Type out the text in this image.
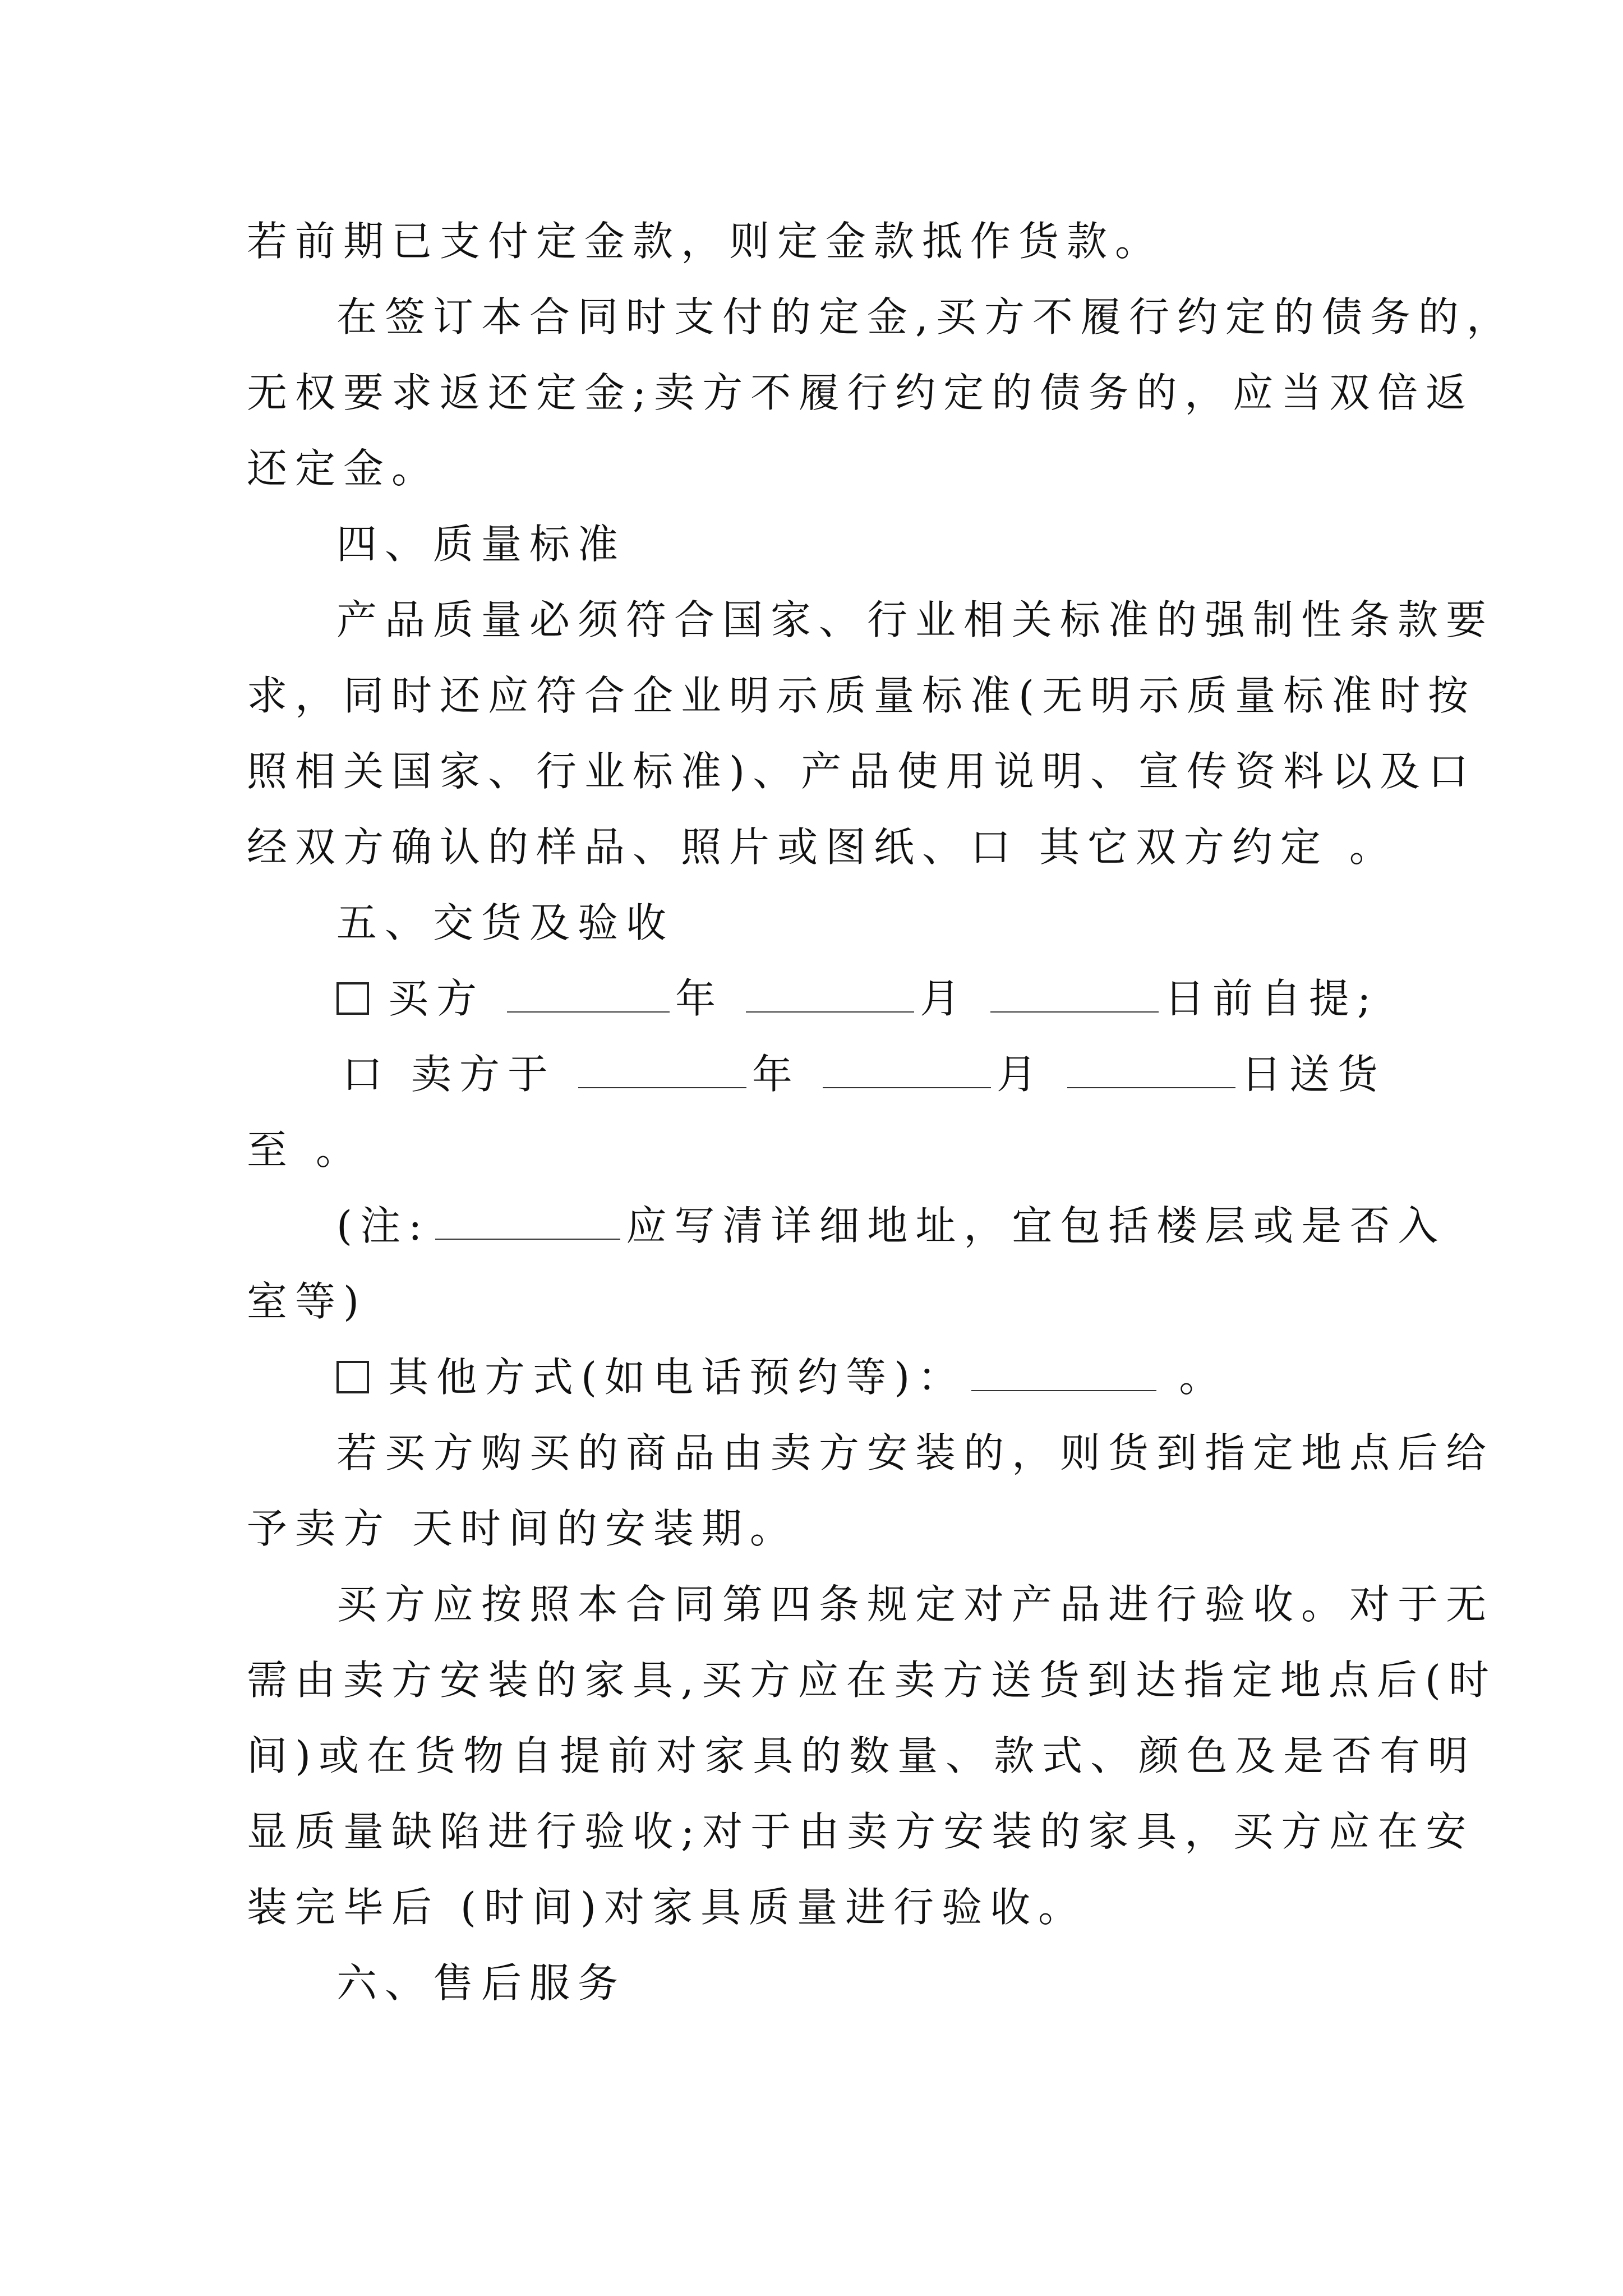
若前期已支付定金款，则定金款抵作货款。
在签订本合同时支付的定金,买方不履行约定的债务的，
无权要求返还定金;卖方不履行约定的债务的，应当双倍返
还定金。
四、质量标准
产品质量必须符合国家、行业相关标准的强制性条款要
求，同时还应符合企业明示质量标准(无明示质量标准时按
照相关国家、行业标准)、产品使用说明、宣传资料以及口
经双方确认的样品、照片或图纸、口 其它双方约定 。
五、交货及验收
买方	年	月	日前自提;
口 卖方于	年	月	日送货
至 。
(注:	应写清详细地址，宜包括楼层或是否入
室等)
其他方式(如电话预约等)：	。
若买方购买的商品由卖方安装的，则货到指定地点后给
予卖方 天时间的安装期。
买方应按照本合同第四条规定对产品进行验收。对于无
需由卖方安装的家具,买方应在卖方送货到达指定地点后(时
间)或在货物自提前对家具的数量、款式、颜色及是否有明
显质量缺陷进行验收;对于由卖方安装的家具，买方应在安
装完毕后 (时间)对家具质量进行验收。
六、售后服务
